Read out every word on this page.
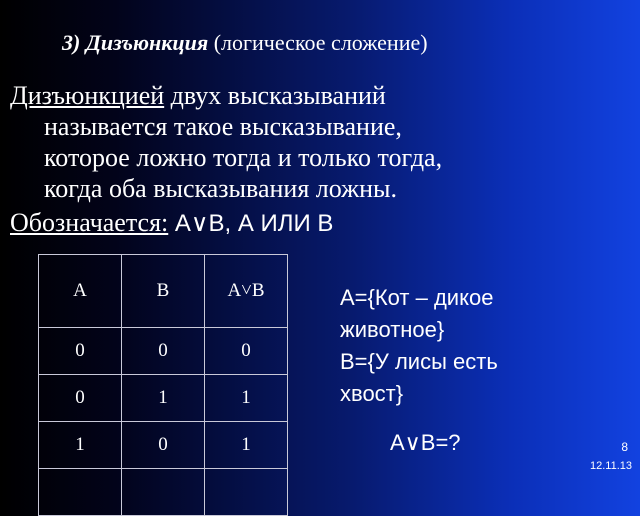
3) Дизъюнкция (логическое сложение)
Дизъюнкцией двух высказываний
называется такое высказывание,
которое ложно тогда и только тогда,
когда оба высказывания ложны.
Обозначается: A∨B, А ИЛИ В
A	B	A˅B
0	0	0
0	1	1
1	0	1

А={Кот – дикое
животное}
В={У лисы есть
хвост}
A∨B=?	8
12.11.13
